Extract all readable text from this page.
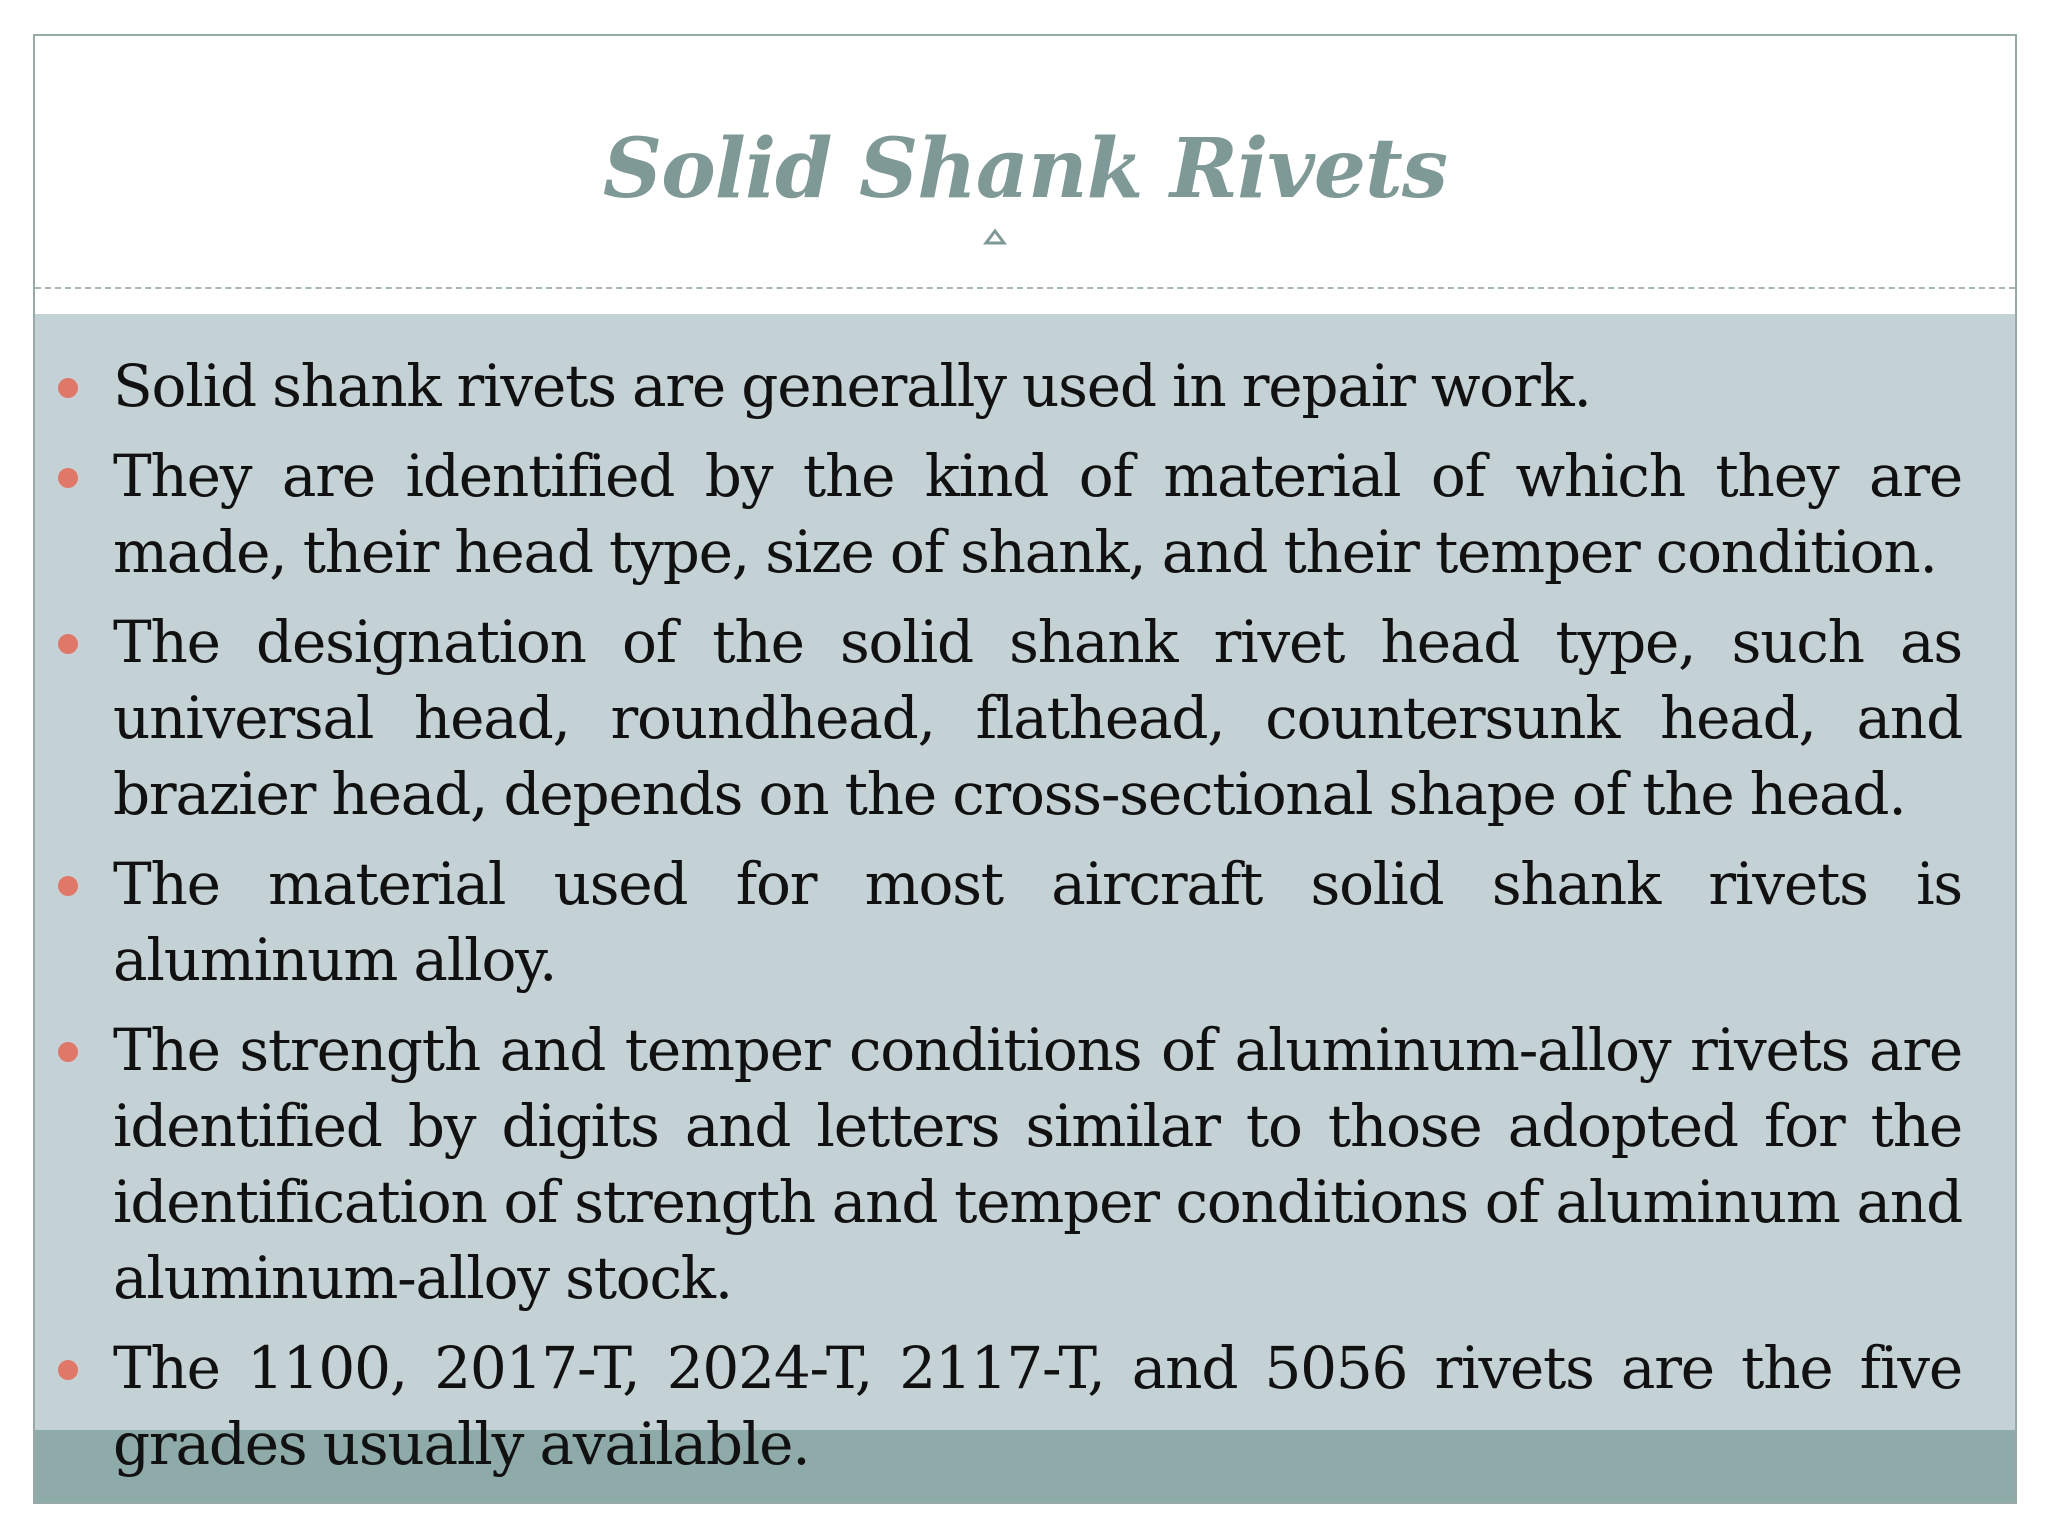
Solid Shank Rivets
Solid shank rivets are generally used in repair work.
They are identified by the kind of material of which they are made, their head type, size of shank, and their temper condition.
The designation of the solid shank rivet head type, such as universal head, roundhead, flathead, countersunk head, and brazier head, depends on the cross-sectional shape of the head.
The material used for most aircraft solid shank rivets is aluminum alloy.
The strength and temper conditions of aluminum-alloy rivets are identified by digits and letters similar to those adopted for the identification of strength and temper conditions of aluminum and aluminum-alloy stock.
The 1100, 2017-T, 2024-T, 2117-T, and 5056 rivets are the five grades usually available.
